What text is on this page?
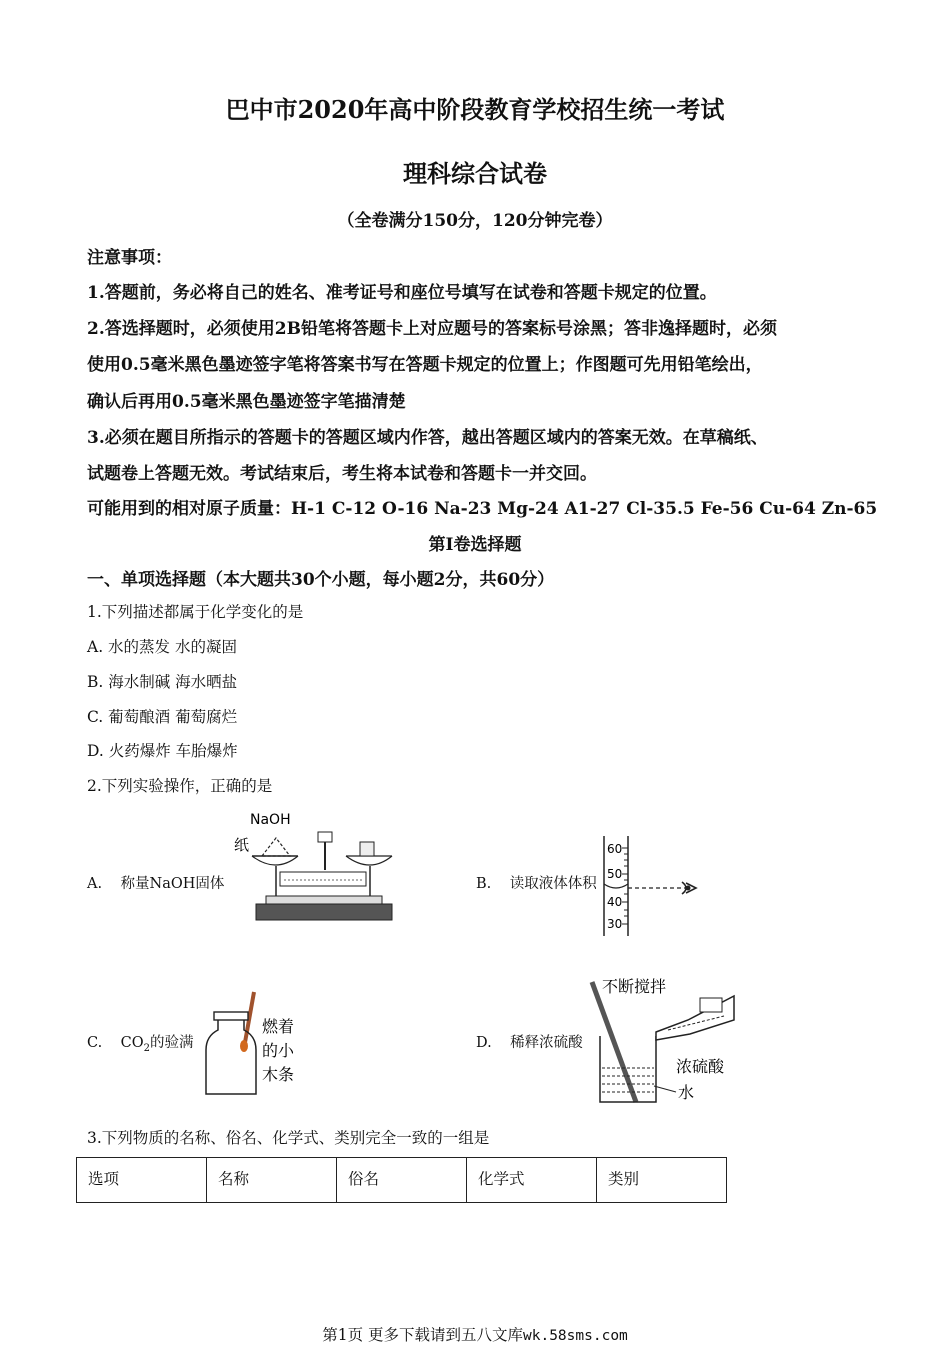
巴中市2020年高中阶段教育学校招生统一考试
理科综合试卷
（全卷满分150分，120分钟完卷）
注意事项：
1.答题前，务必将自己的姓名、准考证号和座位号填写在试卷和答题卡规定的位置。
2.答选择题时，必须使用2B铅笔将答题卡上对应题号的答案标号涂黑；答非逸择题时，必须
使用0.5毫米黑色墨迹签字笔将答案书写在答题卡规定的位置上；作图题可先用铅笔绘出，
确认后再用0.5毫米黑色墨迹签字笔描清楚
3.必须在题目所指示的答题卡的答题区域内作答，越出答题区域内的答案无效。在草稿纸、
试题卷上答题无效。考试结束后，考生将本试卷和答题卡一并交回。
可能用到的相对原子质量：H-1 C-12 O-16 Na-23 Mg-24 A1-27 Cl-35.5 Fe-56 Cu-64 Zn-65
第Ⅰ卷选择题
一、单项选择题（本大题共30个小题，每小题2分，共60分）
1.下列描述都属于化学变化的是
A. 水的蒸发 水的凝固
B. 海水制碱 海水晒盐
C. 葡萄酿酒 葡萄腐烂
D. 火药爆炸 车胎爆炸
2.下列实验操作，正确的是
A. 称量NaOH固体
NaOH
纸
B. 读取液体体积
60
50
40
30
C. $CO_2$的验满
燃着
的小
木条
D. 稀释浓硫酸
不断搅拌
浓硫酸
水
3.下列物质的名称、俗名、化学式、类别完全一致的一组是
选项	名称	俗名	化学式	类别
第1页 更多下载请到五八文库wk.58sms.com
